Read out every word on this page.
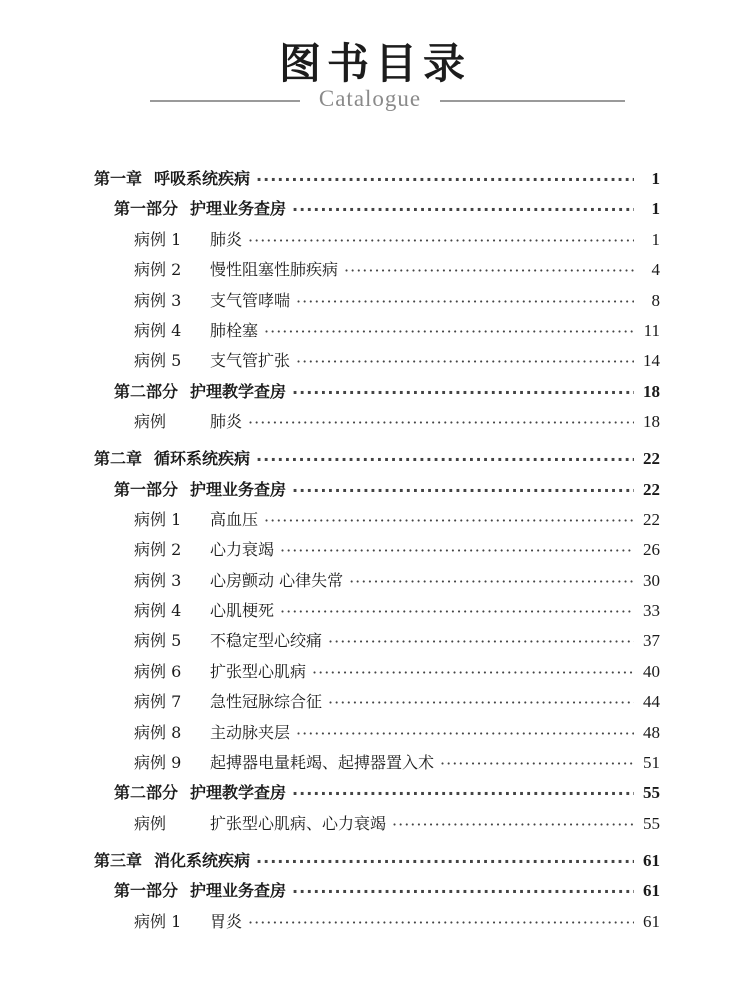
图书目录
Catalogue
第一章 呼吸系统疾病 ·····	1
第一部分 护理业务查房 ·····	1
病例 1 肺炎 ·····	1
病例 2 慢性阻塞性肺疾病 ·····	4
病例 3 支气管哮喘 ·····	8
病例 4 肺栓塞 ·····	11
病例 5 支气管扩张 ·····	14
第二部分 护理教学查房 ·····	18
病例	肺炎 ·····	18
第二章 循环系统疾病 ·····	22
第一部分 护理业务查房 ·····	22
病例 1 高血压 ·····	22
病例 2 心力衰竭 ·····	26
病例 3 心房颤动 心律失常 ·····	30
病例 4 心肌梗死 ·····	33
病例 5 不稳定型心绞痛 ·····	37
病例 6 扩张型心肌病 ·····	40
病例 7 急性冠脉综合征 ·····	44
病例 8 主动脉夹层 ·····	48
病例 9 起搏器电量耗竭、起搏器置入术 ·····	51
第二部分 护理教学查房 ·····	55
病例	扩张型心肌病、心力衰竭 ·····	55
第三章 消化系统疾病 ·····	61
第一部分 护理业务查房 ·····	61
病例 1 胃炎 ·····	61
